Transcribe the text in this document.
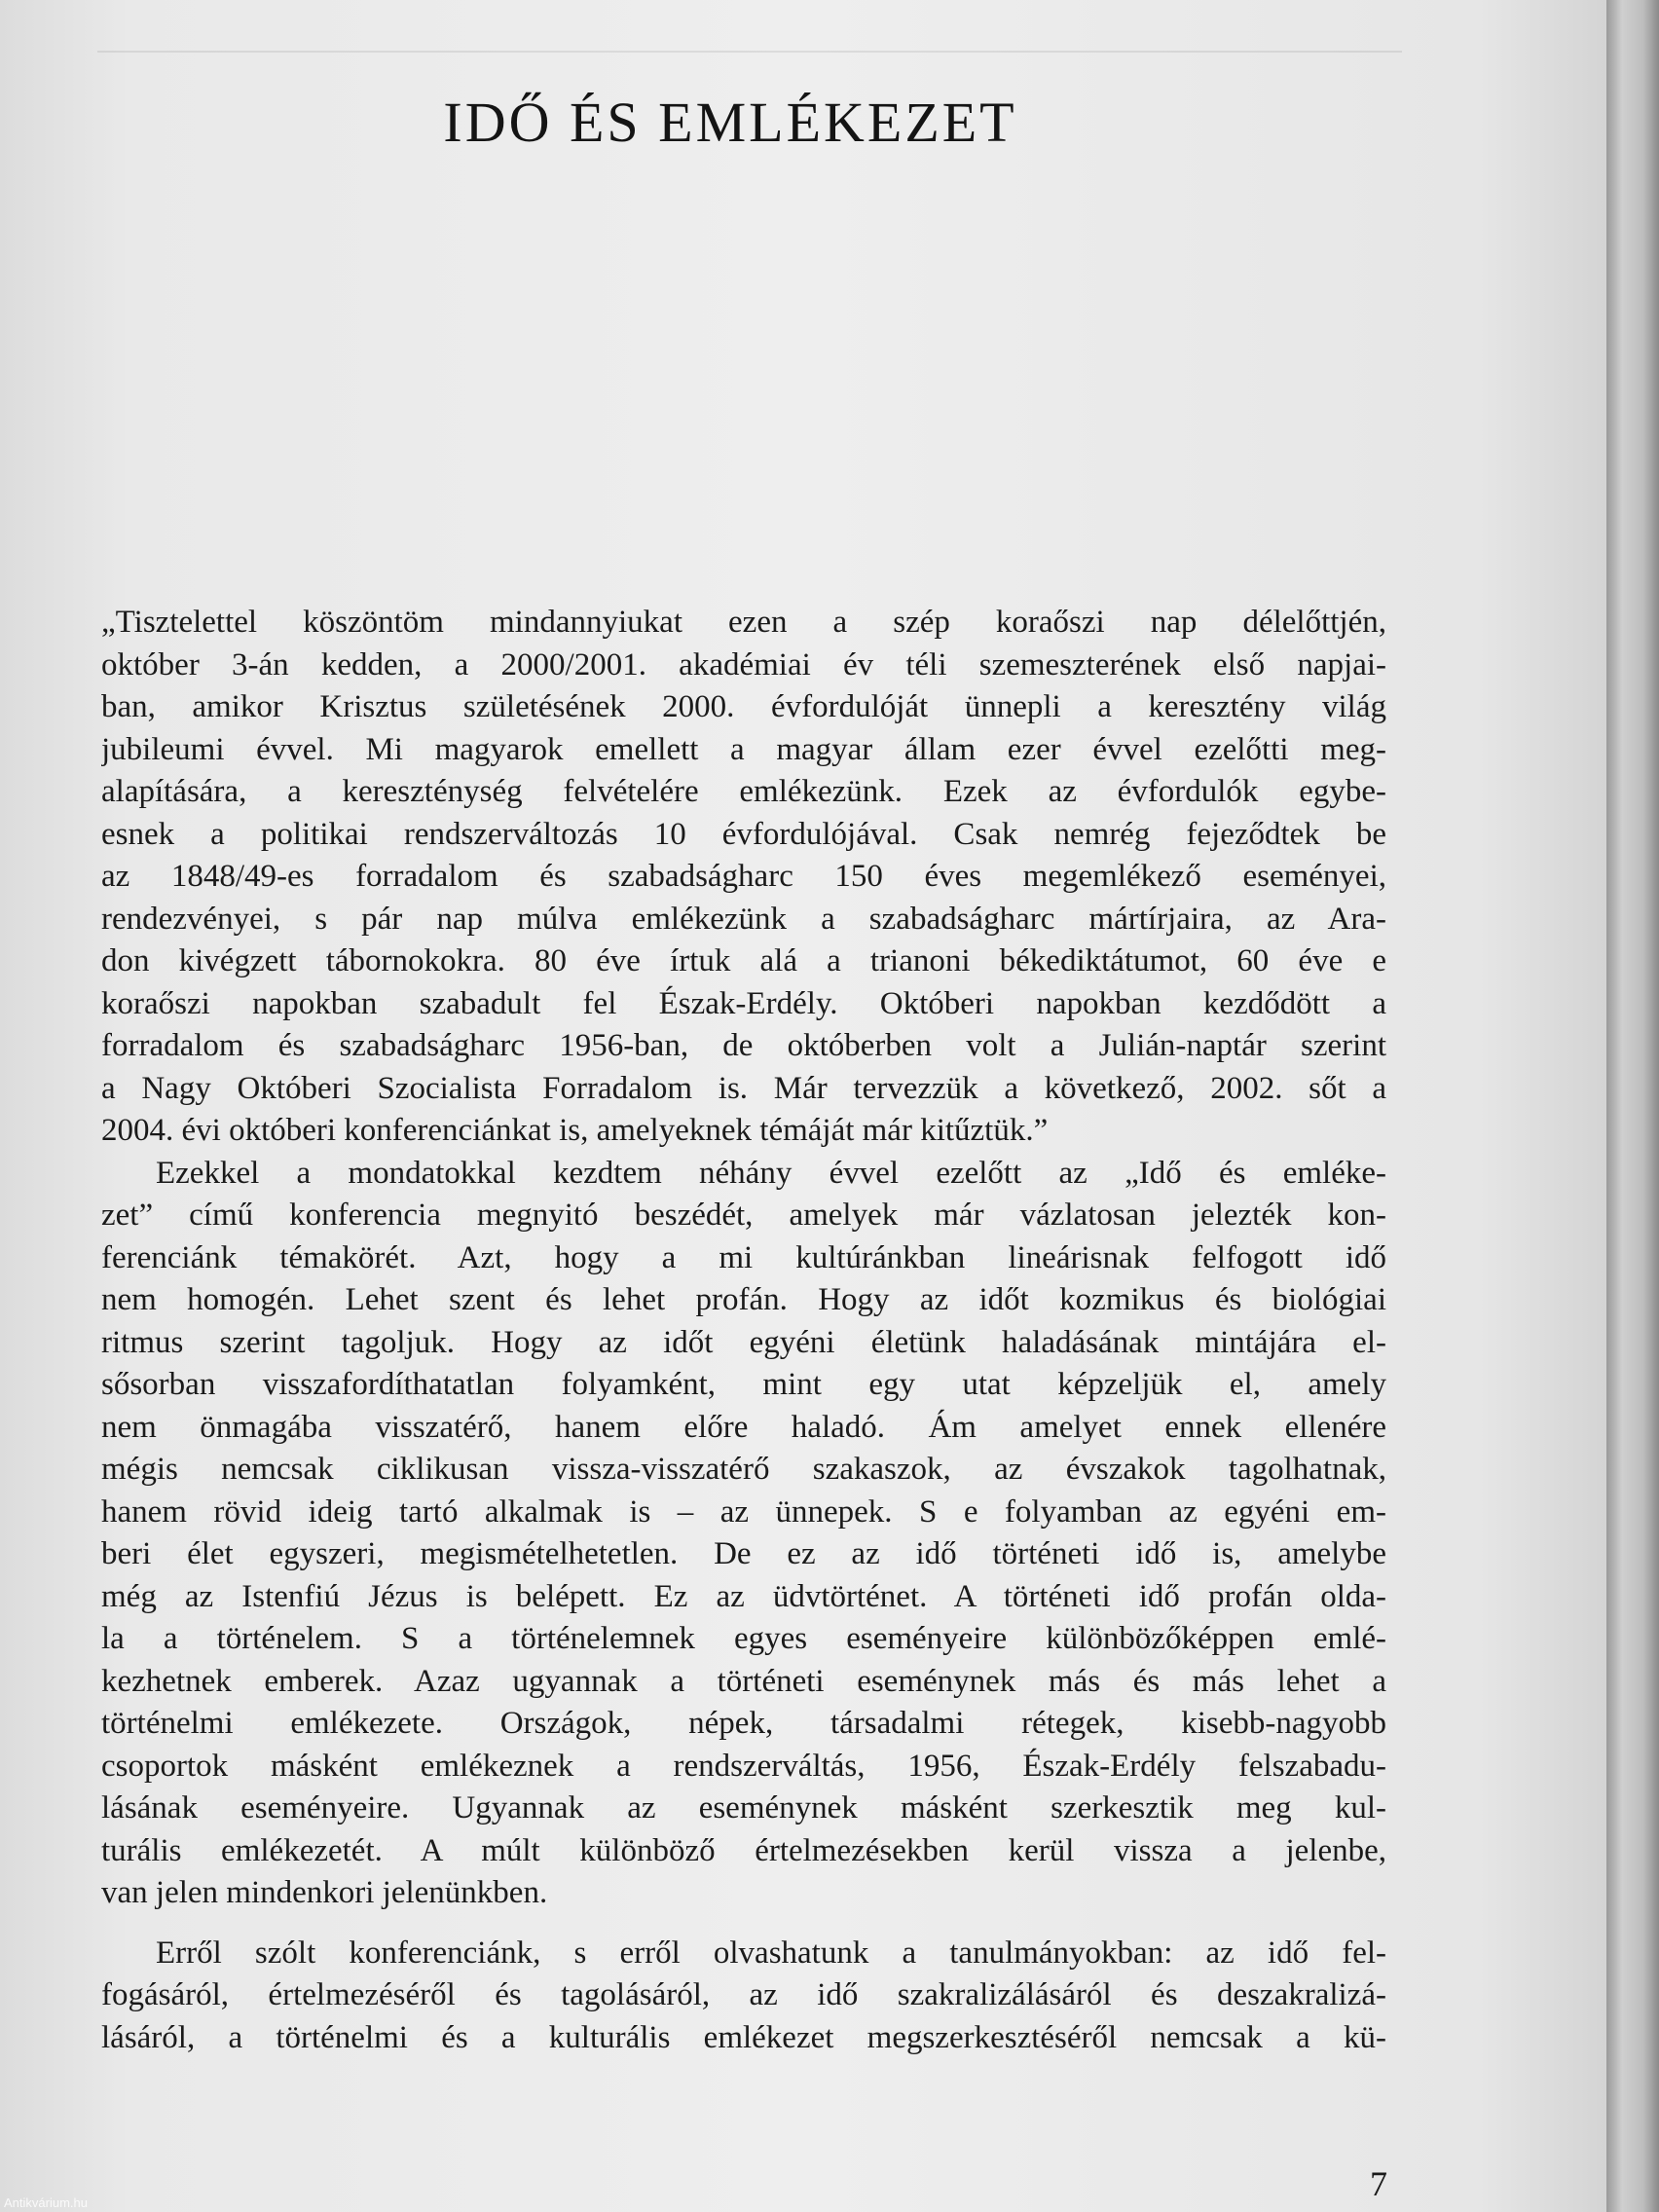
IDŐ ÉS EMLÉKEZET
„Tisztelettel köszöntöm mindannyiukat ezen a szép koraőszi nap délelőttjén,
október 3-án kedden, a 2000/2001. akadémiai év téli szemeszterének első napjai-
ban, amikor Krisztus születésének 2000. évfordulóját ünnepli a keresztény világ
jubileumi évvel. Mi magyarok emellett a magyar állam ezer évvel ezelőtti meg-
alapítására, a kereszténység felvételére emlékezünk. Ezek az évfordulók egybe-
esnek a politikai rendszerváltozás 10 évfordulójával. Csak nemrég fejeződtek be
az 1848/49-es forradalom és szabadságharc 150 éves megemlékező eseményei,
rendezvényei, s pár nap múlva emlékezünk a szabadságharc mártírjaira, az Ara-
don kivégzett tábornokokra. 80 éve írtuk alá a trianoni békediktátumot, 60 éve e
koraőszi napokban szabadult fel Észak-Erdély. Októberi napokban kezdődött a
forradalom és szabadságharc 1956-ban, de októberben volt a Julián-naptár szerint
a Nagy Októberi Szocialista Forradalom is. Már tervezzük a következő, 2002. sőt a
2004. évi októberi konferenciánkat is, amelyeknek témáját már kitűztük.”
Ezekkel a mondatokkal kezdtem néhány évvel ezelőtt az „Idő és emléke-
zet” című konferencia megnyitó beszédét, amelyek már vázlatosan jelezték kon-
ferenciánk témakörét. Azt, hogy a mi kultúránkban lineárisnak felfogott idő
nem homogén. Lehet szent és lehet profán. Hogy az időt kozmikus és biológiai
ritmus szerint tagoljuk. Hogy az időt egyéni életünk haladásának mintájára el-
sősorban visszafordíthatatlan folyamként, mint egy utat képzeljük el, amely
nem önmagába visszatérő, hanem előre haladó. Ám amelyet ennek ellenére
mégis nemcsak ciklikusan vissza-visszatérő szakaszok, az évszakok tagolhatnak,
hanem rövid ideig tartó alkalmak is – az ünnepek. S e folyamban az egyéni em-
beri élet egyszeri, megismételhetetlen. De ez az idő történeti idő is, amelybe
még az Istenfiú Jézus is belépett. Ez az üdvtörténet. A történeti idő profán olda-
la a történelem. S a történelemnek egyes eseményeire különbözőképpen emlé-
kezhetnek emberek. Azaz ugyannak a történeti eseménynek más és más lehet a
történelmi emlékezete. Országok, népek, társadalmi rétegek, kisebb-nagyobb
csoportok másként emlékeznek a rendszerváltás, 1956, Észak-Erdély felszabadu-
lásának eseményeire. Ugyannak az eseménynek másként szerkesztik meg kul-
turális emlékezetét. A múlt különböző értelmezésekben kerül vissza a jelenbe,
van jelen mindenkori jelenünkben.
Erről szólt konferenciánk, s erről olvashatunk a tanulmányokban: az idő fel-
fogásáról, értelmezéséről és tagolásáról, az idő szakralizálásáról és deszakralizá-
lásáról, a történelmi és a kulturális emlékezet megszerkesztéséről nemcsak a kü-
7
Antikvárium.hu
